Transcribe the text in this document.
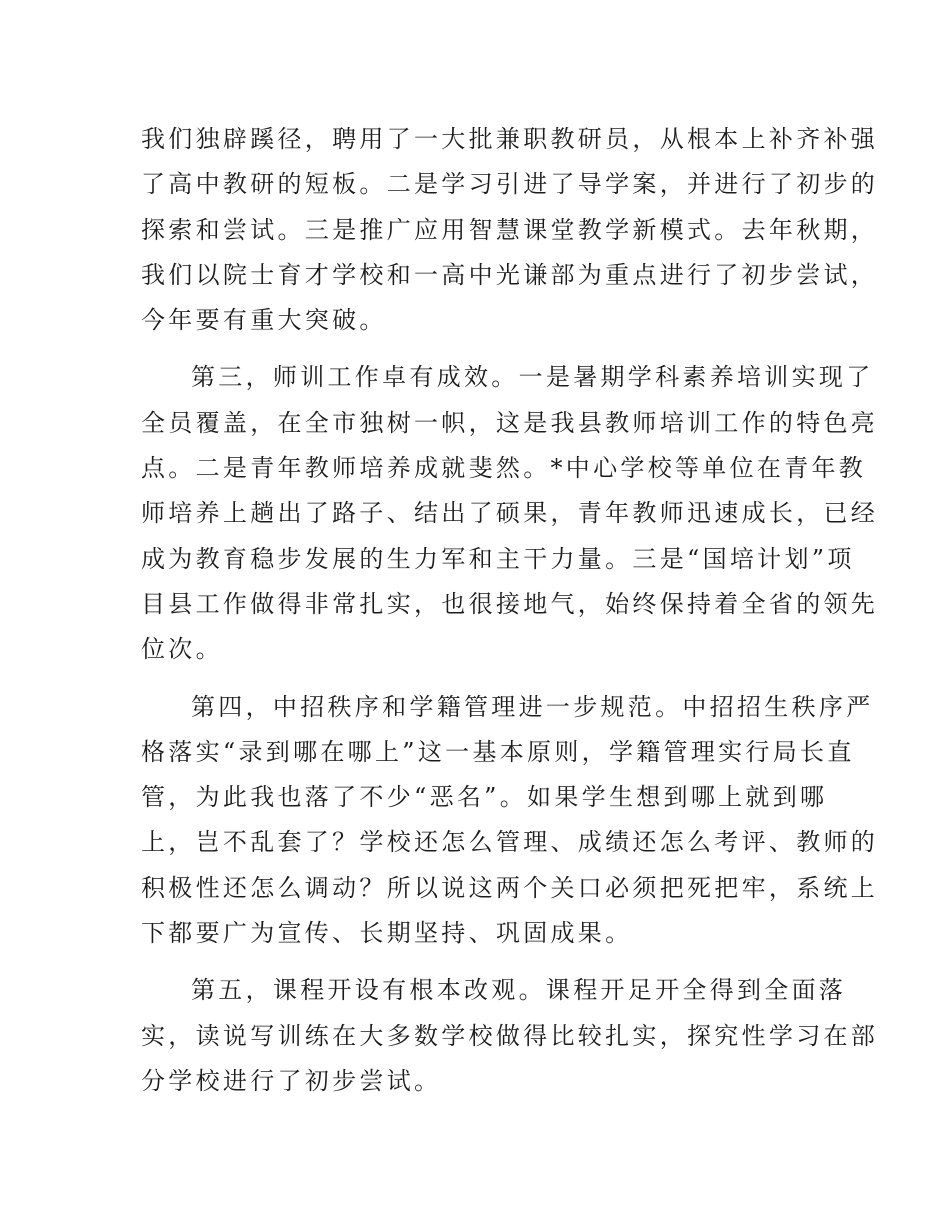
我们独辟蹊径，聘用了一大批兼职教研员，从根本上补齐补强
了高中教研的短板。二是学习引进了导学案，并进行了初步的
探索和尝试。三是推广应用智慧课堂教学新模式。去年秋期，
我们以院士育才学校和一高中光谦部为重点进行了初步尝试，
今年要有重大突破。

第三，师训工作卓有成效。一是暑期学科素养培训实现了
全员覆盖，在全市独树一帜，这是我县教师培训工作的特色亮
点。二是青年教师培养成就斐然。*中心学校等单位在青年教
师培养上趟出了路子、结出了硕果，青年教师迅速成长，已经
成为教育稳步发展的生力军和主干力量。三是“国培计划”项
目县工作做得非常扎实，也很接地气，始终保持着全省的领先
位次。

第四，中招秩序和学籍管理进一步规范。中招招生秩序严
格落实“录到哪在哪上”这一基本原则，学籍管理实行局长直
管，为此我也落了不少“恶名”。如果学生想到哪上就到哪
上，岂不乱套了？学校还怎么管理、成绩还怎么考评、教师的
积极性还怎么调动？所以说这两个关口必须把死把牢，系统上
下都要广为宣传、长期坚持、巩固成果。

第五，课程开设有根本改观。课程开足开全得到全面落
实，读说写训练在大多数学校做得比较扎实，探究性学习在部
分学校进行了初步尝试。
